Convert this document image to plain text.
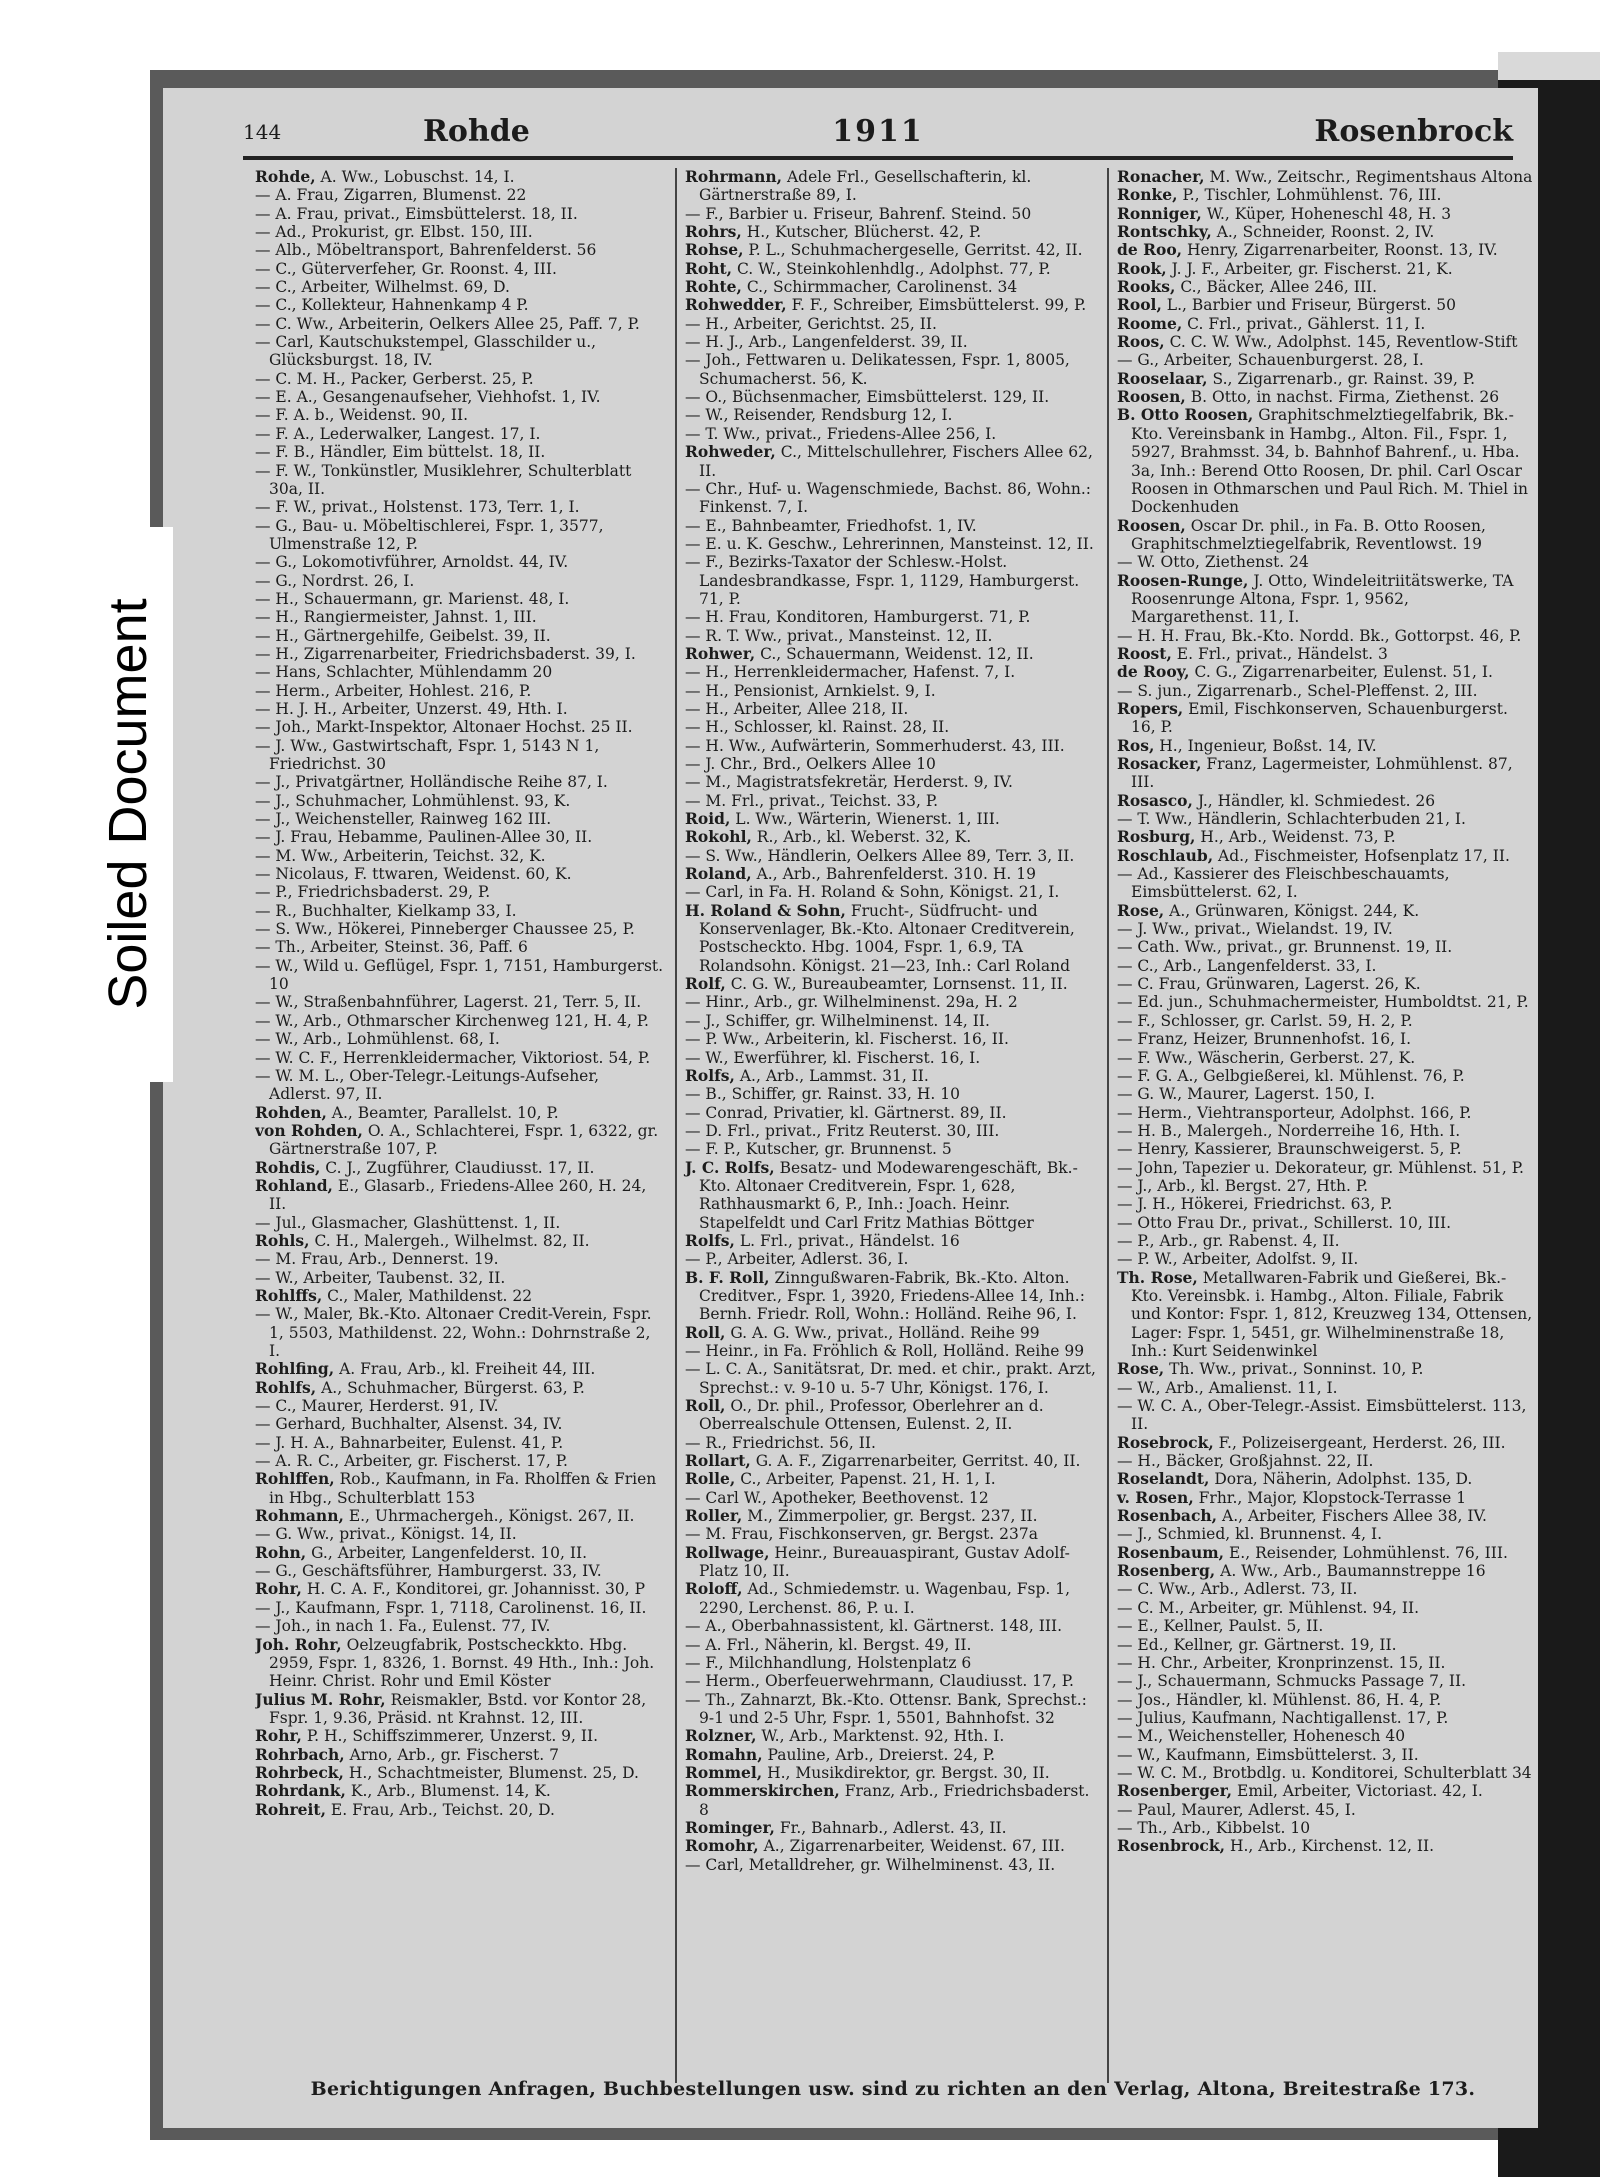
144	Rohde	1911	Rosenbrock
Rohde, A. Ww., Lobuschst. 14, I.
— A. Frau, Zigarren, Blumenst. 22
— A. Frau, privat., Eimsbüttelerst. 18, II.
— Ad., Prokurist, gr. Elbst. 150, III.
— Alb., Möbeltransport, Bahrenfelderst. 56
— C., Güterverfeher, Gr. Roonst. 4, III.
— C., Arbeiter, Wilhelmst. 69, D.
— C., Kollekteur, Hahnenkamp 4 P.
— C. Ww., Arbeiterin, Oelkers Allee 25, Paff. 7, P.
— Carl, Kautschukstempel, Glasschilder u., Glücksburgst. 18, IV.
— C. M. H., Packer, Gerberst. 25, P.
— E. A., Gesangenaufseher, Viehhofst. 1, IV.
— F. A. b., Weidenst. 90, II.
— F. A., Lederwalker, Langest. 17, I.
— F. B., Händler, Eim büttelst. 18, II.
— F. W., Tonkünstler, Musiklehrer, Schulterblatt 30a, II.
— F. W., privat., Holstenst. 173, Terr. 1, I.
— G., Bau- u. Möbeltischlerei, Fspr. 1, 3577, Ulmenstraße 12, P.
— G., Lokomotivführer, Arnoldst. 44, IV.
— G., Nordrst. 26, I.
— H., Schauermann, gr. Marienst. 48, I.
— H., Rangiermeister, Jahnst. 1, III.
— H., Gärtnergehilfe, Geibelst. 39, II.
— H., Zigarrenarbeiter, Friedrichsbaderst. 39, I.
— Hans, Schlachter, Mühlendamm 20
— Herm., Arbeiter, Hohlest. 216, P.
— H. J. H., Arbeiter, Unzerst. 49, Hth. I.
— Joh., Markt-Inspektor, Altonaer Hochst. 25 II.
— J. Ww., Gastwirtschaft, Fspr. 1, 5143 N 1, Friedrichst. 30
— J., Privatgärtner, Holländische Reihe 87, I.
— J., Schuhmacher, Lohmühlenst. 93, K.
— J., Weichensteller, Rainweg 162 III.
— J. Frau, Hebamme, Paulinen-Allee 30, II.
— M. Ww., Arbeiterin, Teichst. 32, K.
— Nicolaus, F. ttwaren, Weidenst. 60, K.
— P., Friedrichsbaderst. 29, P.
— R., Buchhalter, Kielkamp 33, I.
— S. Ww., Hökerei, Pinneberger Chaussee 25, P.
— Th., Arbeiter, Steinst. 36, Paff. 6
— W., Wild u. Geflügel, Fspr. 1, 7151, Hamburgerst. 10
— W., Straßenbahnführer, Lagerst. 21, Terr. 5, II.
— W., Arb., Othmarscher Kirchenweg 121, H. 4, P.
— W., Arb., Lohmühlenst. 68, I.
— W. C. F., Herrenkleidermacher, Viktoriost. 54, P.
— W. M. L., Ober-Telegr.-Leitungs-Aufseher, Adlerst. 97, II.
Rohden, A., Beamter, Parallelst. 10, P.
von Rohden, O. A., Schlachterei, Fspr. 1, 6322, gr. Gärtnerstraße 107, P.
Rohdis, C. J., Zugführer, Claudiusst. 17, II.
Rohland, E., Glasarb., Friedens-Allee 260, H. 24, II.
— Jul., Glasmacher, Glashüttenst. 1, II.
Rohls, C. H., Malergeh., Wilhelmst. 82, II.
— M. Frau, Arb., Dennerst. 19.
— W., Arbeiter, Taubenst. 32, II.
Rohlffs, C., Maler, Mathildenst. 22
— W., Maler, Bk.-Kto. Altonaer Credit-Verein, Fspr. 1, 5503, Mathildenst. 22, Wohn.: Dohrnstraße 2, I.
Rohlfing, A. Frau, Arb., kl. Freiheit 44, III.
Rohlfs, A., Schuhmacher, Bürgerst. 63, P.
— C., Maurer, Herderst. 91, IV.
— Gerhard, Buchhalter, Alsenst. 34, IV.
— J. H. A., Bahnarbeiter, Eulenst. 41, P.
— A. R. C., Arbeiter, gr. Fischerst. 17, P.
Rohlffen, Rob., Kaufmann, in Fa. Rholffen & Frien in Hbg., Schulterblatt 153
Rohmann, E., Uhrmachergeh., Königst. 267, II.
— G. Ww., privat., Königst. 14, II.
Rohn, G., Arbeiter, Langenfelderst. 10, II.
— G., Geschäftsführer, Hamburgerst. 33, IV.
Rohr, H. C. A. F., Konditorei, gr. Johannisst. 30, P
— J., Kaufmann, Fspr. 1, 7118, Carolinenst. 16, II.
— Joh., in nach 1. Fa., Eulenst. 77, IV.
Joh. Rohr, Oelzeugfabrik, Postscheckkto. Hbg. 2959, Fspr. 1, 8326, 1. Bornst. 49 Hth., Inh.: Joh. Heinr. Christ. Rohr und Emil Köster
Julius M. Rohr, Reismakler, Bstd. vor Kontor 28, Fspr. 1, 9.36, Präsid. nt Krahnst. 12, III.
Rohr, P. H., Schiffszimmerer, Unzerst. 9, II.
Rohrbach, Arno, Arb., gr. Fischerst. 7
Rohrbeck, H., Schachtmeister, Blumenst. 25, D.
Rohrdank, K., Arb., Blumenst. 14, K.
Rohreit, E. Frau, Arb., Teichst. 20, D.
Rohrmann, Adele Frl., Gesellschafterin, kl. Gärtnerstraße 89, I.
— F., Barbier u. Friseur, Bahrenf. Steind. 50
Rohrs, H., Kutscher, Blücherst. 42, P.
Rohse, P. L., Schuhmachergeselle, Gerritst. 42, II.
Roht, C. W., Steinkohlenhdlg., Adolphst. 77, P.
Rohte, C., Schirmmacher, Carolinenst. 34
Rohwedder, F. F., Schreiber, Eimsbüttelerst. 99, P.
— H., Arbeiter, Gerichtst. 25, II.
— H. J., Arb., Langenfelderst. 39, II.
— Joh., Fettwaren u. Delikatessen, Fspr. 1, 8005, Schumacherst. 56, K.
— O., Büchsenmacher, Eimsbüttelerst. 129, II.
— W., Reisender, Rendsburg 12, I.
— T. Ww., privat., Friedens-Allee 256, I.
Rohweder, C., Mittelschullehrer, Fischers Allee 62, II.
— Chr., Huf- u. Wagenschmiede, Bachst. 86, Wohn.: Finkenst. 7, I.
— E., Bahnbeamter, Friedhofst. 1, IV.
— E. u. K. Geschw., Lehrerinnen, Mansteinst. 12, II.
— F., Bezirks-Taxator der Schlesw.-Holst. Landesbrandkasse, Fspr. 1, 1129, Hamburgerst. 71, P.
— H. Frau, Konditoren, Hamburgerst. 71, P.
— R. T. Ww., privat., Mansteinst. 12, II.
Rohwer, C., Schauermann, Weidenst. 12, II.
— H., Herrenkleidermacher, Hafenst. 7, I.
— H., Pensionist, Arnkielst. 9, I.
— H., Arbeiter, Allee 218, II.
— H., Schlosser, kl. Rainst. 28, II.
— H. Ww., Aufwärterin, Sommerhuderst. 43, III.
— J. Chr., Brd., Oelkers Allee 10
— M., Magistratsfekretär, Herderst. 9, IV.
— M. Frl., privat., Teichst. 33, P.
Roid, L. Ww., Wärterin, Wienerst. 1, III.
Rokohl, R., Arb., kl. Weberst. 32, K.
— S. Ww., Händlerin, Oelkers Allee 89, Terr. 3, II.
Roland, A., Arb., Bahrenfelderst. 310. H. 19
— Carl, in Fa. H. Roland & Sohn, Königst. 21, I.
H. Roland & Sohn, Frucht-, Südfrucht- und Konservenlager, Bk.-Kto. Altonaer Creditverein, Postscheckto. Hbg. 1004, Fspr. 1, 6.9, TA Rolandsohn. Königst. 21—23, Inh.: Carl Roland
Rolf, C. G. W., Bureaubeamter, Lornsenst. 11, II.
— Hinr., Arb., gr. Wilhelminenst. 29a, H. 2
— J., Schiffer, gr. Wilhelminenst. 14, II.
— P. Ww., Arbeiterin, kl. Fischerst. 16, II.
— W., Ewerführer, kl. Fischerst. 16, I.
Rolfs, A., Arb., Lammst. 31, II.
— B., Schiffer, gr. Rainst. 33, H. 10
— Conrad, Privatier, kl. Gärtnerst. 89, II.
— D. Frl., privat., Fritz Reuterst. 30, III.
— F. P., Kutscher, gr. Brunnenst. 5
J. C. Rolfs, Besatz- und Modewarengeschäft, Bk.-Kto. Altonaer Creditverein, Fspr. 1, 628, Rathhausmarkt 6, P., Inh.: Joach. Heinr. Stapelfeldt und Carl Fritz Mathias Böttger
Rolfs, L. Frl., privat., Händelst. 16
— P., Arbeiter, Adlerst. 36, I.
B. F. Roll, Zinngußwaren-Fabrik, Bk.-Kto. Alton. Creditver., Fspr. 1, 3920, Friedens-Allee 14, Inh.: Bernh. Friedr. Roll, Wohn.: Holländ. Reihe 96, I.
Roll, G. A. G. Ww., privat., Holländ. Reihe 99
— Heinr., in Fa. Fröhlich & Roll, Holländ. Reihe 99
— L. C. A., Sanitätsrat, Dr. med. et chir., prakt. Arzt, Sprechst.: v. 9-10 u. 5-7 Uhr, Königst. 176, I.
Roll, O., Dr. phil., Professor, Oberlehrer an d. Oberrealschule Ottensen, Eulenst. 2, II.
— R., Friedrichst. 56, II.
Rollart, G. A. F., Zigarrenarbeiter, Gerritst. 40, II.
Rolle, C., Arbeiter, Papenst. 21, H. 1, I.
— Carl W., Apotheker, Beethovenst. 12
Roller, M., Zimmerpolier, gr. Bergst. 237, II.
— M. Frau, Fischkonserven, gr. Bergst. 237a
Rollwage, Heinr., Bureauaspirant, Gustav Adolf-Platz 10, II.
Roloff, Ad., Schmiedemstr. u. Wagenbau, Fsp. 1, 2290, Lerchenst. 86, P. u. I.
— A., Oberbahnassistent, kl. Gärtnerst. 148, III.
— A. Frl., Näherin, kl. Bergst. 49, II.
— F., Milchhandlung, Holstenplatz 6
— Herm., Oberfeuerwehrmann, Claudiusst. 17, P.
— Th., Zahnarzt, Bk.-Kto. Ottensr. Bank, Sprechst.: 9-1 und 2-5 Uhr, Fspr. 1, 5501, Bahnhofst. 32
Rolzner, W., Arb., Marktenst. 92, Hth. I.
Romahn, Pauline, Arb., Dreierst. 24, P.
Rommel, H., Musikdirektor, gr. Bergst. 30, II.
Rommerskirchen, Franz, Arb., Friedrichsbaderst. 8
Rominger, Fr., Bahnarb., Adlerst. 43, II.
Romohr, A., Zigarrenarbeiter, Weidenst. 67, III.
— Carl, Metalldreher, gr. Wilhelminenst. 43, II.
Ronacher, M. Ww., Zeitschr., Regimentshaus Altona
Ronke, P., Tischler, Lohmühlenst. 76, III.
Ronniger, W., Küper, Hoheneschl 48, H. 3
Rontschky, A., Schneider, Roonst. 2, IV.
de Roo, Henry, Zigarrenarbeiter, Roonst. 13, IV.
Rook, J. J. F., Arbeiter, gr. Fischerst. 21, K.
Rooks, C., Bäcker, Allee 246, III.
Rool, L., Barbier und Friseur, Bürgerst. 50
Roome, C. Frl., privat., Gählerst. 11, I.
Roos, C. C. W. Ww., Adolphst. 145, Reventlow-Stift
— G., Arbeiter, Schauenburgerst. 28, I.
Rooselaar, S., Zigarrenarb., gr. Rainst. 39, P.
Roosen, B. Otto, in nachst. Firma, Ziethenst. 26
B. Otto Roosen, Graphitschmelztiegelfabrik, Bk.-Kto. Vereinsbank in Hambg., Alton. Fil., Fspr. 1, 5927, Brahmsst. 34, b. Bahnhof Bahrenf., u. Hba. 3a, Inh.: Berend Otto Roosen, Dr. phil. Carl Oscar Roosen in Othmarschen und Paul Rich. M. Thiel in Dockenhuden
Roosen, Oscar Dr. phil., in Fa. B. Otto Roosen, Graphitschmelztiegelfabrik, Reventlowst. 19
— W. Otto, Ziethenst. 24
Roosen-Runge, J. Otto, Windeleitriitätswerke, TA Roosenrunge Altona, Fspr. 1, 9562, Margarethenst. 11, I.
— H. H. Frau, Bk.-Kto. Nordd. Bk., Gottorpst. 46, P.
Roost, E. Frl., privat., Händelst. 3
de Rooy, C. G., Zigarrenarbeiter, Eulenst. 51, I.
— S. jun., Zigarrenarb., Schel-Pleffenst. 2, III.
Ropers, Emil, Fischkonserven, Schauenburgerst. 16, P.
Ros, H., Ingenieur, Boßst. 14, IV.
Rosacker, Franz, Lagermeister, Lohmühlenst. 87, III.
Rosasco, J., Händler, kl. Schmiedest. 26
— T. Ww., Händlerin, Schlachterbuden 21, I.
Rosburg, H., Arb., Weidenst. 73, P.
Roschlaub, Ad., Fischmeister, Hofsenplatz 17, II.
— Ad., Kassierer des Fleischbeschauamts, Eimsbüttelerst. 62, I.
Rose, A., Grünwaren, Königst. 244, K.
— J. Ww., privat., Wielandst. 19, IV.
— Cath. Ww., privat., gr. Brunnenst. 19, II.
— C., Arb., Langenfelderst. 33, I.
— C. Frau, Grünwaren, Lagerst. 26, K.
— Ed. jun., Schuhmachermeister, Humboldtst. 21, P.
— F., Schlosser, gr. Carlst. 59, H. 2, P.
— Franz, Heizer, Brunnenhofst. 16, I.
— F. Ww., Wäscherin, Gerberst. 27, K.
— F. G. A., Gelbgießerei, kl. Mühlenst. 76, P.
— G. W., Maurer, Lagerst. 150, I.
— Herm., Viehtransporteur, Adolphst. 166, P.
— H. B., Malergeh., Norderreihe 16, Hth. I.
— Henry, Kassierer, Braunschweigerst. 5, P.
— John, Tapezier u. Dekorateur, gr. Mühlenst. 51, P.
— J., Arb., kl. Bergst. 27, Hth. P.
— J. H., Hökerei, Friedrichst. 63, P.
— Otto Frau Dr., privat., Schillerst. 10, III.
— P., Arb., gr. Rabenst. 4, II.
— P. W., Arbeiter, Adolfst. 9, II.
Th. Rose, Metallwaren-Fabrik und Gießerei, Bk.-Kto. Vereinsbk. i. Hambg., Alton. Filiale, Fabrik und Kontor: Fspr. 1, 812, Kreuzweg 134, Ottensen, Lager: Fspr. 1, 5451, gr. Wilhelminenstraße 18, Inh.: Kurt Seidenwinkel
Rose, Th. Ww., privat., Sonninst. 10, P.
— W., Arb., Amalienst. 11, I.
— W. C. A., Ober-Telegr.-Assist. Eimsbüttelerst. 113, II.
Rosebrock, F., Polizeisergeant, Herderst. 26, III.
— H., Bäcker, Großjahnst. 22, II.
Roselandt, Dora, Näherin, Adolphst. 135, D.
v. Rosen, Frhr., Major, Klopstock-Terrasse 1
Rosenbach, A., Arbeiter, Fischers Allee 38, IV.
— J., Schmied, kl. Brunnenst. 4, I.
Rosenbaum, E., Reisender, Lohmühlenst. 76, III.
Rosenberg, A. Ww., Arb., Baumannstreppe 16
— C. Ww., Arb., Adlerst. 73, II.
— C. M., Arbeiter, gr. Mühlenst. 94, II.
— E., Kellner, Paulst. 5, II.
— Ed., Kellner, gr. Gärtnerst. 19, II.
— H. Chr., Arbeiter, Kronprinzenst. 15, II.
— J., Schauermann, Schmucks Passage 7, II.
— Jos., Händler, kl. Mühlenst. 86, H. 4, P.
— Julius, Kaufmann, Nachtigallenst. 17, P.
— M., Weichensteller, Hohenesch 40
— W., Kaufmann, Eimsbüttelerst. 3, II.
— W. C. M., Brotbdlg. u. Konditorei, Schulterblatt 34
Rosenberger, Emil, Arbeiter, Victoriast. 42, I.
— Paul, Maurer, Adlerst. 45, I.
— Th., Arb., Kibbelst. 10
Rosenbrock, H., Arb., Kirchenst. 12, II.
Berichtigungen Anfragen, Buchbestellungen usw. sind zu richten an den Verlag, Altona, Breitestraße 173.
Soiled Document
